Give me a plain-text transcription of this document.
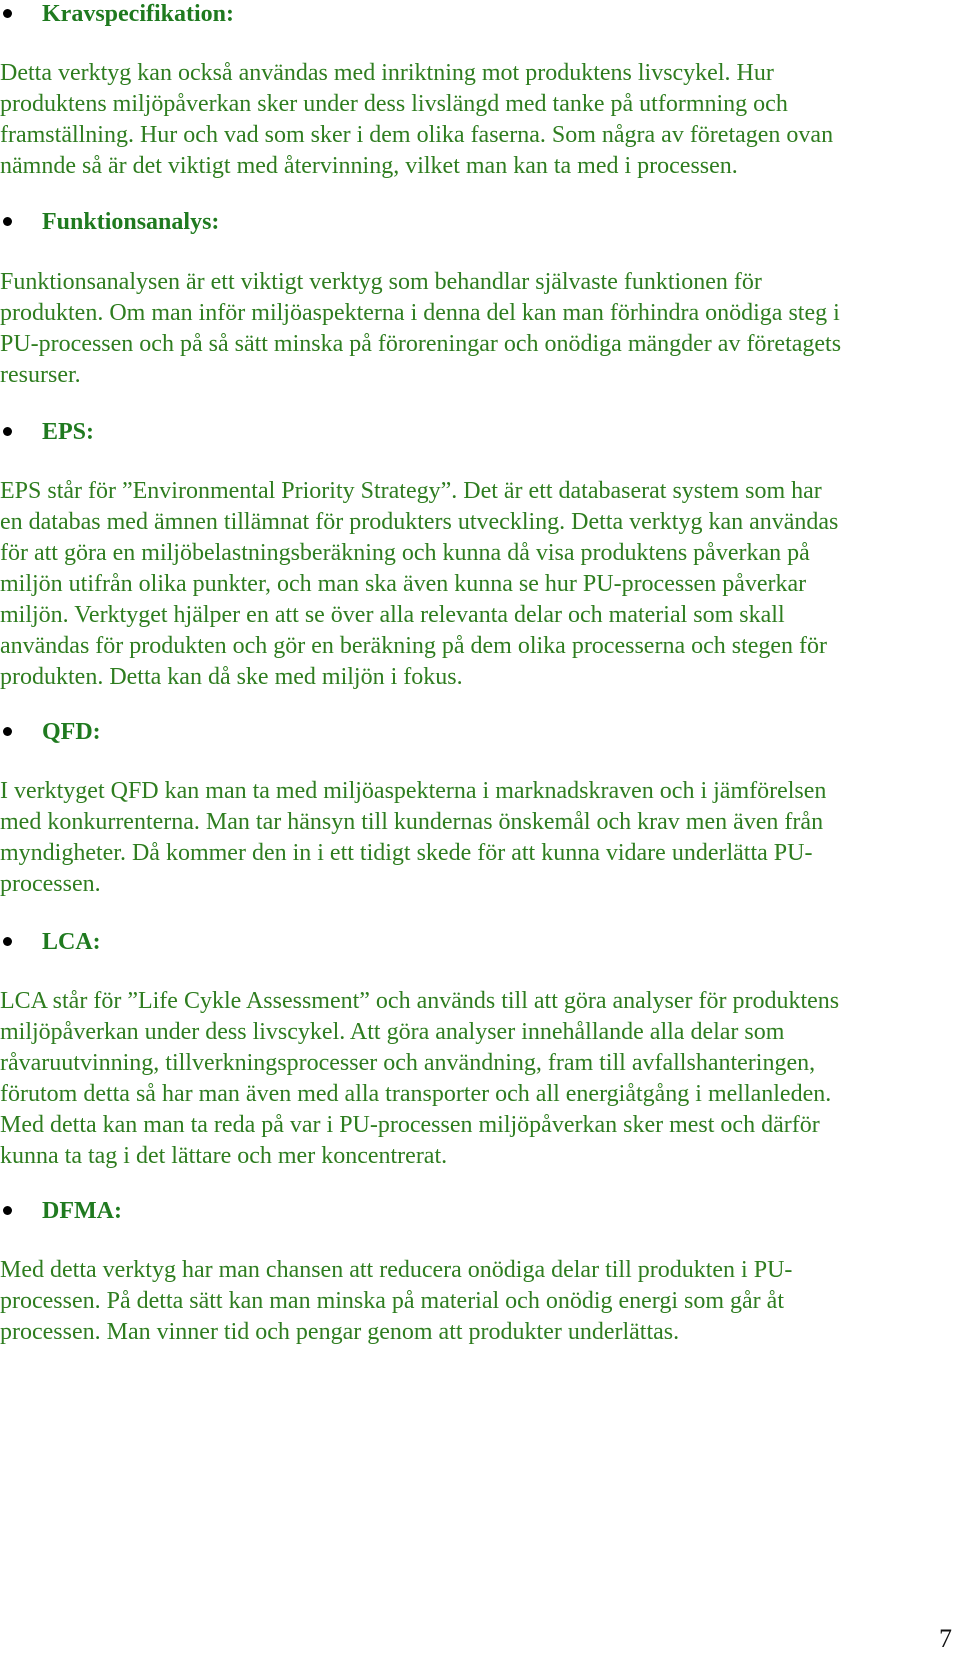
Kravspecifikation:

Detta verktyg kan också användas med inriktning mot produktens livscykel. Hur
produktens miljöpåverkan sker under dess livslängd med tanke på utformning och
framställning. Hur och vad som sker i dem olika faserna. Som några av företagen ovan
nämnde så är det viktigt med återvinning, vilket man kan ta med i processen.

Funktionsanalys:

Funktionsanalysen är ett viktigt verktyg som behandlar självaste funktionen för
produkten. Om man inför miljöaspekterna i denna del kan man förhindra onödiga steg i
PU-processen och på så sätt minska på föroreningar och onödiga mängder av företagets
resurser.

EPS:

EPS står för ”Environmental Priority Strategy”. Det är ett databaserat system som har
en databas med ämnen tillämnat för produkters utveckling. Detta verktyg kan användas
för att göra en miljöbelastningsberäkning och kunna då visa produktens påverkan på
miljön utifrån olika punkter, och man ska även kunna se hur PU-processen påverkar
miljön. Verktyget hjälper en att se över alla relevanta delar och material som skall
användas för produkten och gör en beräkning på dem olika processerna och stegen för
produkten. Detta kan då ske med miljön i fokus.

QFD:

I verktyget QFD kan man ta med miljöaspekterna i marknadskraven och i jämförelsen
med konkurrenterna. Man tar hänsyn till kundernas önskemål och krav men även från
myndigheter. Då kommer den in i ett tidigt skede för att kunna vidare underlätta PU-
processen.

LCA:

LCA står för ”Life Cykle Assessment” och används till att göra analyser för produktens
miljöpåverkan under dess livscykel. Att göra analyser innehållande alla delar som
råvaruutvinning, tillverkningsprocesser och användning, fram till avfallshanteringen,
förutom detta så har man även med alla transporter och all energiåtgång i mellanleden.
Med detta kan man ta reda på var i PU-processen miljöpåverkan sker mest och därför
kunna ta tag i det lättare och mer koncentrerat.

DFMA:

Med detta verktyg har man chansen att reducera onödiga delar till produkten i PU-
processen. På detta sätt kan man minska på material och onödig energi som går åt
processen. Man vinner tid och pengar genom att produkter underlättas.

7
